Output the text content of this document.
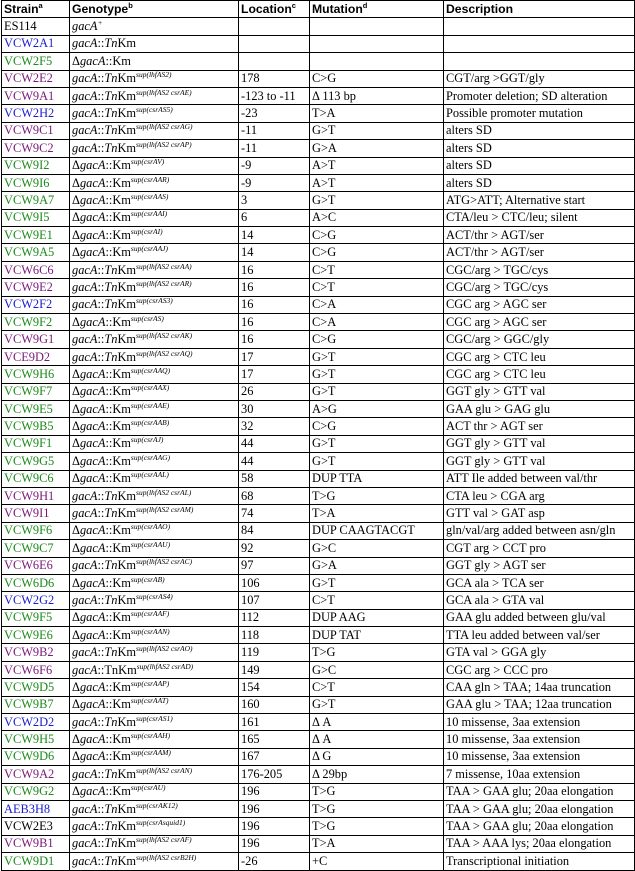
Strain$^a$	Genotype$^b$	Location$^c$	Mutation$^d$	Description
ES114	gacA+			
VCW2A1	gacA::TnKm			
VCW2F5	ΔgacA::Km			
VCW2E2	gacA::TnKm$^{sup(lhfAS2)}$	178	C>G	CGT/arg >GGT/gly
VCW9A1	gacA::TnKm$^{sup(lhfAS2 csrAE)}$	-123 to -11	Δ 113 bp	Promoter deletion; SD alteration
VCW2H2	gacA::TnKm$^{sup(csrAS5)}$	-23	T>A	Possible promoter mutation
VCW9C1	gacA::TnKm$^{sup(lhfAS2 csrAG)}$	-11	G>T	alters SD
VCW9C2	gacA::TnKm$^{sup(lhfAS2 csrAP)}$	-11	G>A	alters SD
VCW9I2	$\Delta gacA::Km^{sup(csrAV)}$	-9	A>T	alters SD
VCW9I6	$\Delta gacA::Km^{sup(csrAAR)}$	-9	A>T	alters SD
VCW9A7	$\Delta gacA::Km^{sup(csrAAS)}$	3	G>T	ATG>ATT; Alternative start
VCW9I5	$\Delta gacA::Km^{sup(csrAAI)}$	6	A>C	CTA/leu > CTC/leu; silent
VCW9E1	$\Delta gacA::Km^{sup(csrAI)}$	14	C>G	ACT/thr > AGT/ser
VCW9A5	$\Delta gacA::Km^{sup(csrAAJ)}$	14	C>G	ACT/thr > AGT/ser
VCW6C6	gacA::TnKm$^{sup(lhfAS2 csrAA)}$	16	C>T	CGC/arg > TGC/cys
VCW9E2	gacA::TnKm$^{sup(lhfAS2 csrAR)}$	16	C>T	CGC/arg > TGC/cys
VCW2F2	gacA::TnKm$^{sup(csrAS3)}$	16	C>A	CGC arg > AGC ser
VCW9F2	$\Delta gacA::Km^{sup(csrAS)}$	16	C>A	CGC arg > AGC ser
VCW9G1	gacA::TnKm$^{sup(lhfAS2 csrAK)}$	16	C>G	CGC/arg > GGC/gly
VCE9D2	gacA::TnKm$^{sup(lhfAS2 csrAQ)}$	17	G>T	CGC arg > CTC leu
VCW9H6	$\Delta gacA::Km^{sup(csrAAQ)}$	17	G>T	CGC arg > CTC leu
VCW9F7	$\Delta gacA::Km^{sup(csrAAX)}$	26	G>T	GGT gly > GTT val
VCW9E5	$\Delta gacA::Km^{sup(csrAAE)}$	30	A>G	GAA glu > GAG glu
VCW9B5	$\Delta gacA::Km^{sup(csrAAB)}$	32	C>G	ACT thr > AGT ser
VCW9F1	$\Delta gacA::Km^{sup(csrAJ)}$	44	G>T	GGT gly > GTT val
VCW9G5	$\Delta gacA::Km^{sup(csrAAG)}$	44	G>T	GGT gly > GTT val
VCW9C6	$\Delta gacA::Km^{sup(csrAAL)}$	58	DUP TTA	ATT Ile added between val/thr
VCW9H1	gacA::TnKm$^{sup(lhfAS2 csrAL)}$	68	T>G	CTA leu > CGA arg
VCW9I1	gacA::TnKm$^{sup(lhfAS2 csrAM)}$	74	T>A	GTT val > GAT asp
VCW9F6	$\Delta gacA::Km^{sup(csrAAO)}$	84	DUP CAAGTACGT	gln/val/arg added between asn/gln
VCW9C7	$\Delta gacA::Km^{sup(csrAAU)}$	92	G>C	CGT arg > CCT pro
VCW6E6	gacA::TnKm$^{sup(lhfAS2 csrAC)}$	97	G>A	GGT gly > AGT ser
VCW6D6	$\Delta gacA::Km^{sup(csrAB)}$	106	G>T	GCA ala > TCA ser
VCW2G2	gacA::TnKm$^{sup(csrAS4)}$	107	C>T	GCA ala > GTA val
VCW9F5	$\Delta gacA::Km^{sup(csrAAF)}$	112	DUP AAG	GAA glu added between glu/val
VCW9E6	$\Delta gacA::Km^{sup(csrAAN)}$	118	DUP TAT	TTA leu added between val/ser
VCW9B2	gacA::TnKm$^{sup(lhfAS2 csrAO)}$	119	T>G	GTA val > GGA gly
VCW6F6	gacA::TnKm$^{sup(lhfAS2 csrAD)}$	149	G>C	CGC arg > CCC pro
VCW9D5	$\Delta gacA::Km^{sup(csrAAP)}$	154	C>T	CAA gln > TAA; 14aa truncation
VCW9B7	$\Delta gacA::Km^{sup(csrAAT)}$	160	G>T	GAA glu > TAA; 12aa truncation
VCW2D2	gacA::TnKm$^{sup(csrAS1)}$	161	Δ A	10 missense, 3aa extension
VCW9H5	$\Delta gacA::Km^{sup(csrAAH)}$	165	Δ A	10 missense, 3aa extension
VCW9D6	$\Delta gacA::Km^{sup(csrAAM)}$	167	Δ G	10 missense, 3aa extension
VCW9A2	gacA::TnKm$^{sup(lhfAS2 csrAN)}$	176-205	Δ 29bp	7 missense, 10aa extension
VCW9G2	$\Delta gacA::Km^{sup(csrAU)}$	196	T>G	TAA > GAA glu; 20aa elongation
AEB3H8	gacA::TnKm$^{sup(csrAK12)}$	196	T>G	TAA > GAA glu; 20aa elongation
VCW2E3	gacA::TnKm$^{sup(csrAsquid1)}$	196	T>G	TAA > GAA glu; 20aa elongation
VCW9B1	gacA::TnKm$^{sup(lhfAS2 csrAF)}$	196	T>A	TAA > AAA lys; 20aa elongation
VCW9D1	gacA::TnKm$^{sup(lhfAS2 csrB2H)}$	-26	+C	Transcriptional initiation
